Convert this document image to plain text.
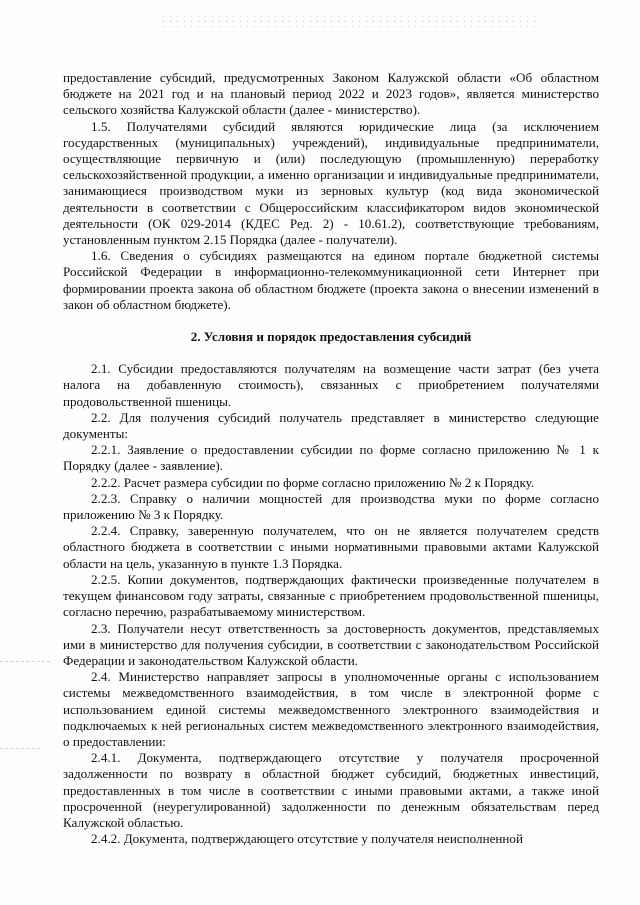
предоставление субсидий, предусмотренных Законом Калужской области «Об областном бюджете на 2021 год и на плановый период 2022 и 2023 годов», является министерство сельского хозяйства Калужской области (далее - министерство).

1.5. Получателями субсидий являются юридические лица (за исключением государственных (муниципальных) учреждений), индивидуальные предприниматели, осуществляющие первичную и (или) последующую (промышленную) переработку сельскохозяйственной продукции, а именно организации и индивидуальные предприниматели, занимающиеся производством муки из зерновых культур (код вида экономической деятельности в соответствии с Общероссийским классификатором видов экономической деятельности (ОК 029-2014 (КДЕС Ред. 2) - 10.61.2), соответствующие требованиям, установленным пунктом 2.15 Порядка (далее - получатели).

1.6. Сведения о субсидиях размещаются на едином портале бюджетной системы Российской Федерации в информационно-телекоммуникационной сети Интернет при формировании проекта закона об областном бюджете (проекта закона о внесении изменений в закон об областном бюджете).

2. Условия и порядок предоставления субсидий

2.1. Субсидии предоставляются получателям на возмещение части затрат (без учета налога на добавленную стоимость), связанных с приобретением получателями продовольственной пшеницы.

2.2. Для получения субсидий получатель представляет в министерство следующие документы:

2.2.1. Заявление о предоставлении субсидии по форме согласно приложению № 1 к Порядку (далее - заявление).

2.2.2. Расчет размера субсидии по форме согласно приложению № 2 к Порядку.

2.2.3. Справку о наличии мощностей для производства муки по форме согласно приложению № 3 к Порядку.

2.2.4. Справку, заверенную получателем, что он не является получателем средств областного бюджета в соответствии с иными нормативными правовыми актами Калужской области на цель, указанную в пункте 1.3 Порядка.

2.2.5. Копии документов, подтверждающих фактически произведенные получателем в текущем финансовом году затраты, связанные с приобретением продовольственной пшеницы, согласно перечню, разрабатываемому министерством.

2.3. Получатели несут ответственность за достоверность документов, представляемых ими в министерство для получения субсидии, в соответствии с законодательством Российской Федерации и законодательством Калужской области.

2.4. Министерство направляет запросы в уполномоченные органы с использованием системы межведомственного взаимодействия, в том числе в электронной форме с использованием единой системы межведомственного электронного взаимодействия и подключаемых к ней региональных систем межведомственного электронного взаимодействия, о предоставлении:

2.4.1. Документа, подтверждающего отсутствие у получателя просроченной задолженности по возврату в областной бюджет субсидий, бюджетных инвестиций, предоставленных в том числе в соответствии с иными правовыми актами, а также иной просроченной (неурегулированной) задолженности по денежным обязательствам перед Калужской областью.

2.4.2. Документа, подтверждающего отсутствие у получателя неисполненной
